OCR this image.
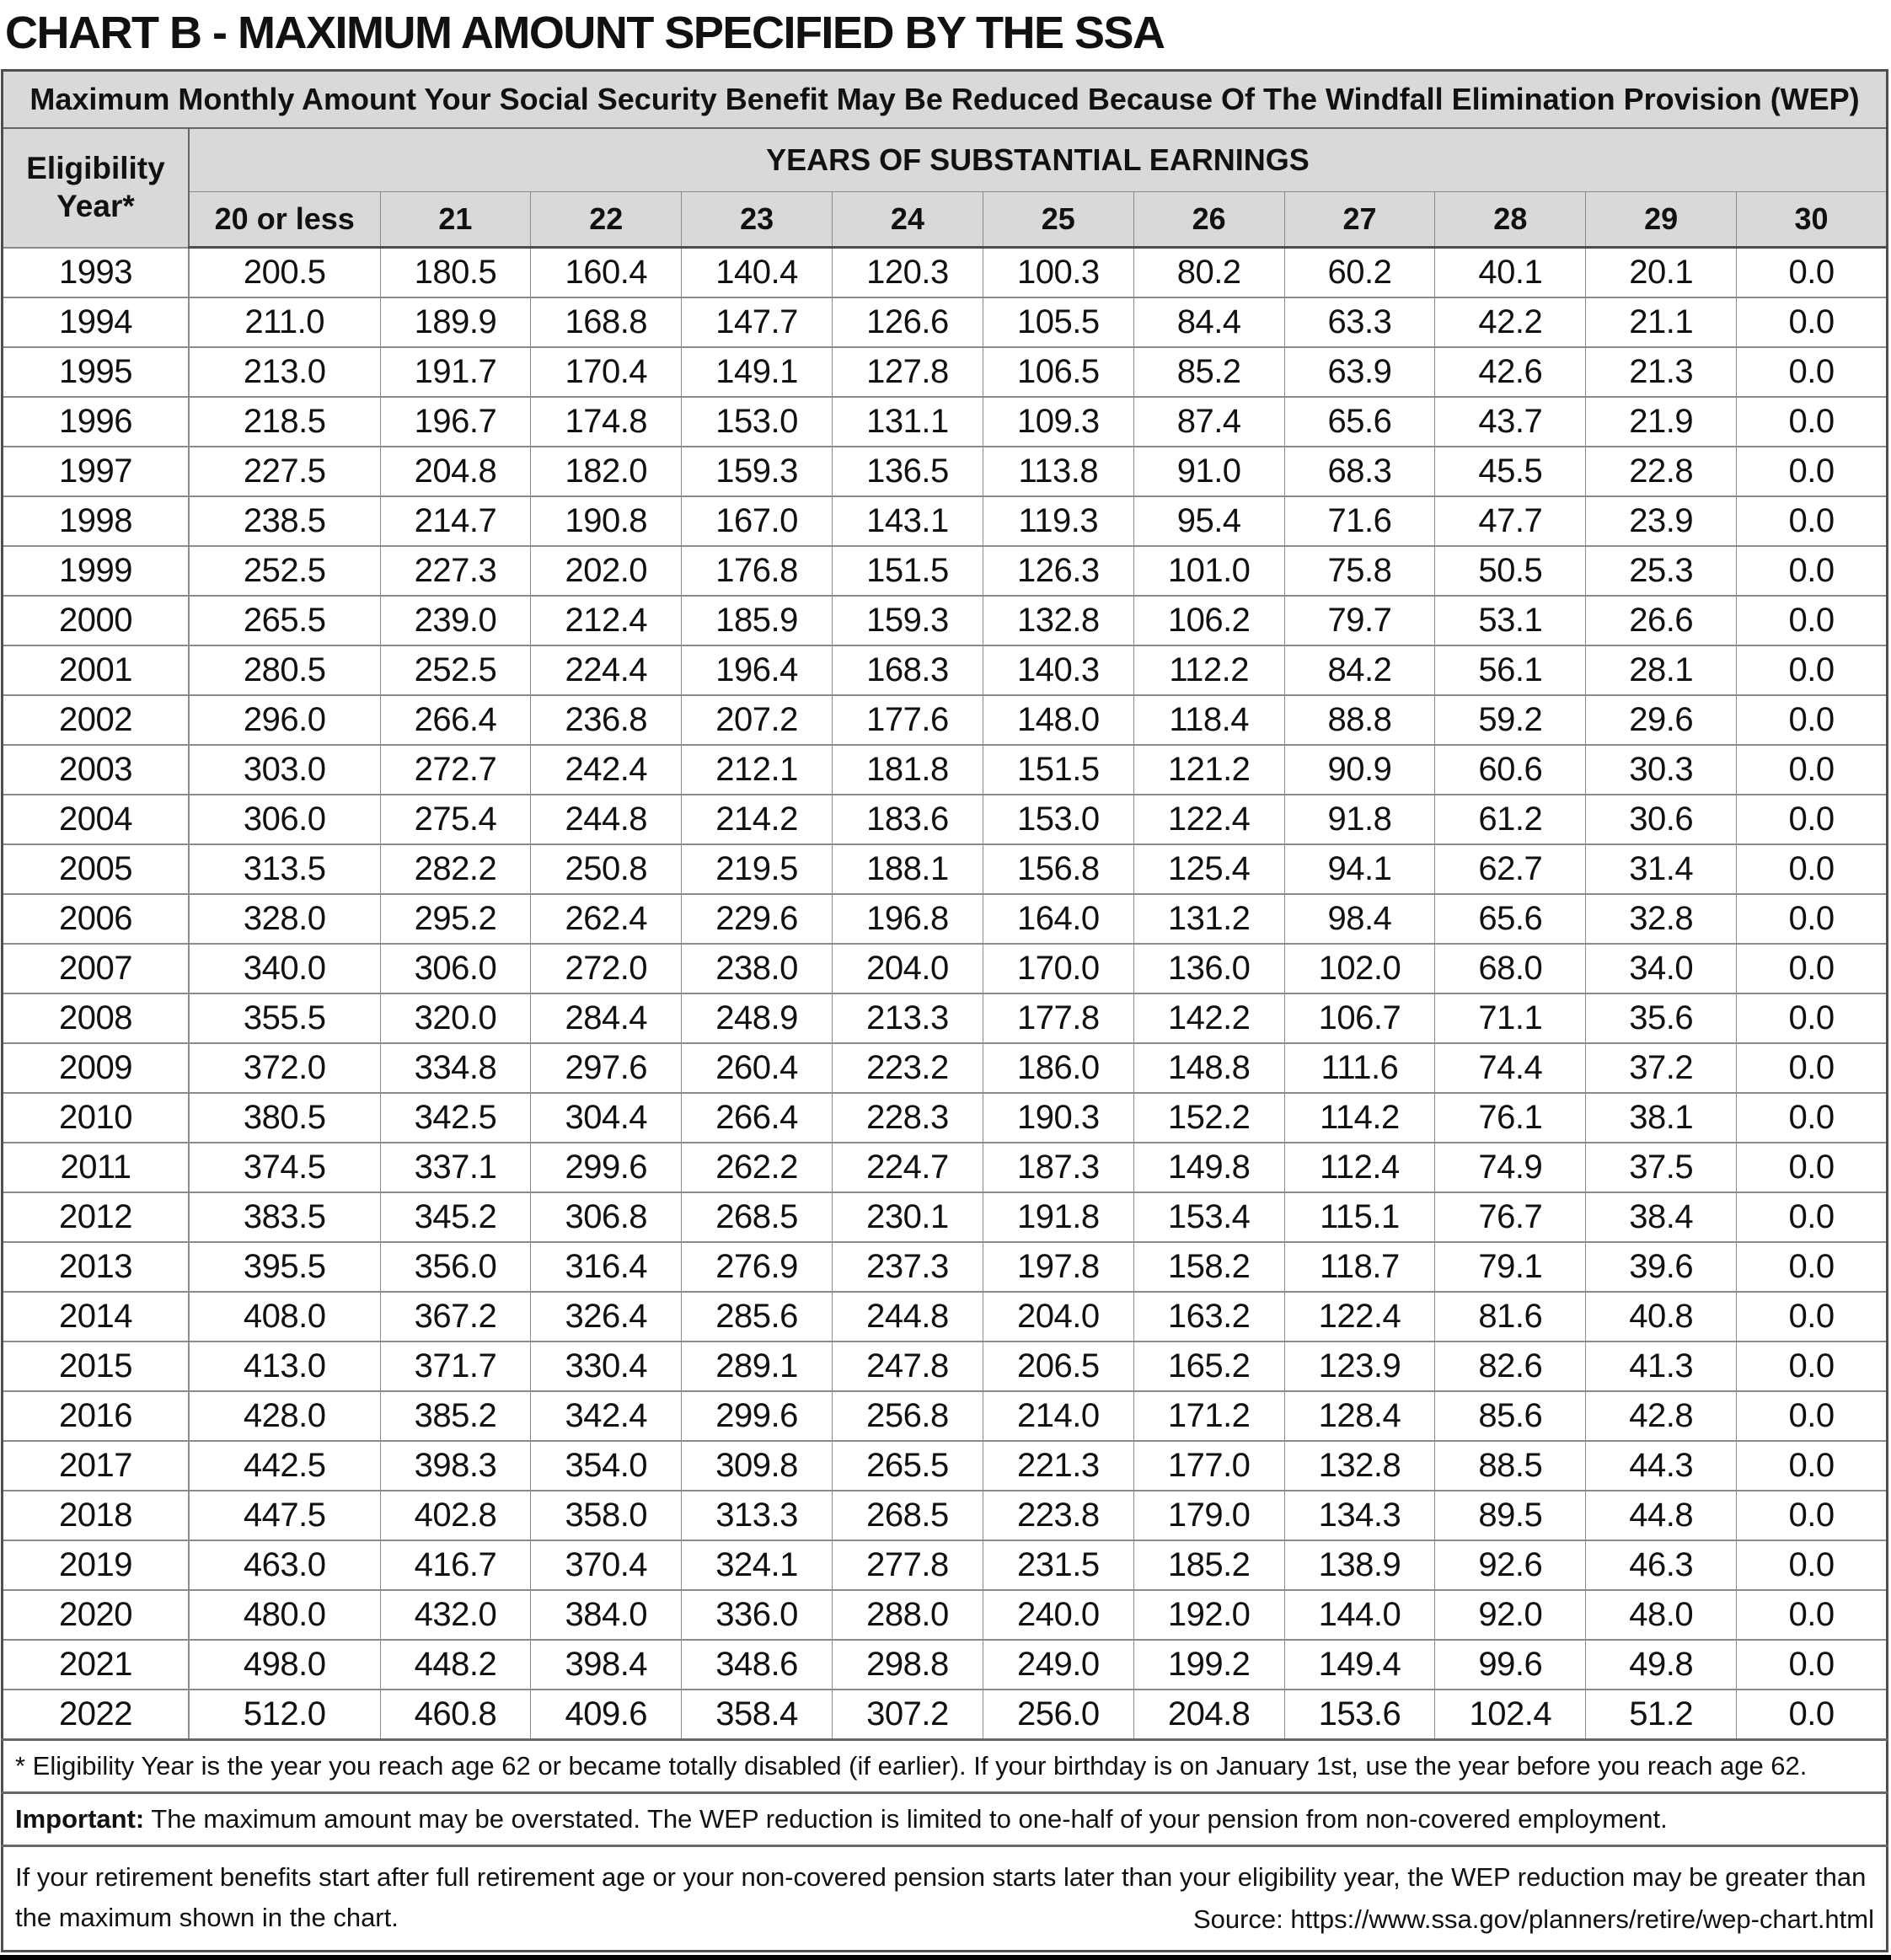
CHART B - MAXIMUM AMOUNT SPECIFIED BY THE SSA
Maximum Monthly Amount Your Social Security Benefit May Be Reduced Because Of The Windfall Elimination Provision (WEP)											
Eligibility Year*	YEARS OF SUBSTANTIAL EARNINGS										
	20 or less	21	22	23	24	25	26	27	28	29	30
1993	200.5	180.5	160.4	140.4	120.3	100.3	80.2	60.2	40.1	20.1	0.0
1994	211.0	189.9	168.8	147.7	126.6	105.5	84.4	63.3	42.2	21.1	0.0
1995	213.0	191.7	170.4	149.1	127.8	106.5	85.2	63.9	42.6	21.3	0.0
1996	218.5	196.7	174.8	153.0	131.1	109.3	87.4	65.6	43.7	21.9	0.0
1997	227.5	204.8	182.0	159.3	136.5	113.8	91.0	68.3	45.5	22.8	0.0
1998	238.5	214.7	190.8	167.0	143.1	119.3	95.4	71.6	47.7	23.9	0.0
1999	252.5	227.3	202.0	176.8	151.5	126.3	101.0	75.8	50.5	25.3	0.0
2000	265.5	239.0	212.4	185.9	159.3	132.8	106.2	79.7	53.1	26.6	0.0
2001	280.5	252.5	224.4	196.4	168.3	140.3	112.2	84.2	56.1	28.1	0.0
2002	296.0	266.4	236.8	207.2	177.6	148.0	118.4	88.8	59.2	29.6	0.0
2003	303.0	272.7	242.4	212.1	181.8	151.5	121.2	90.9	60.6	30.3	0.0
2004	306.0	275.4	244.8	214.2	183.6	153.0	122.4	91.8	61.2	30.6	0.0
2005	313.5	282.2	250.8	219.5	188.1	156.8	125.4	94.1	62.7	31.4	0.0
2006	328.0	295.2	262.4	229.6	196.8	164.0	131.2	98.4	65.6	32.8	0.0
2007	340.0	306.0	272.0	238.0	204.0	170.0	136.0	102.0	68.0	34.0	0.0
2008	355.5	320.0	284.4	248.9	213.3	177.8	142.2	106.7	71.1	35.6	0.0
2009	372.0	334.8	297.6	260.4	223.2	186.0	148.8	111.6	74.4	37.2	0.0
2010	380.5	342.5	304.4	266.4	228.3	190.3	152.2	114.2	76.1	38.1	0.0
2011	374.5	337.1	299.6	262.2	224.7	187.3	149.8	112.4	74.9	37.5	0.0
2012	383.5	345.2	306.8	268.5	230.1	191.8	153.4	115.1	76.7	38.4	0.0
2013	395.5	356.0	316.4	276.9	237.3	197.8	158.2	118.7	79.1	39.6	0.0
2014	408.0	367.2	326.4	285.6	244.8	204.0	163.2	122.4	81.6	40.8	0.0
2015	413.0	371.7	330.4	289.1	247.8	206.5	165.2	123.9	82.6	41.3	0.0
2016	428.0	385.2	342.4	299.6	256.8	214.0	171.2	128.4	85.6	42.8	0.0
2017	442.5	398.3	354.0	309.8	265.5	221.3	177.0	132.8	88.5	44.3	0.0
2018	447.5	402.8	358.0	313.3	268.5	223.8	179.0	134.3	89.5	44.8	0.0
2019	463.0	416.7	370.4	324.1	277.8	231.5	185.2	138.9	92.6	46.3	0.0
2020	480.0	432.0	384.0	336.0	288.0	240.0	192.0	144.0	92.0	48.0	0.0
2021	498.0	448.2	398.4	348.6	298.8	249.0	199.2	149.4	99.6	49.8	0.0
2022	512.0	460.8	409.6	358.4	307.2	256.0	204.8	153.6	102.4	51.2	0.0
* Eligibility Year is the year you reach age 62 or became totally disabled (if earlier). If your birthday is on January 1st, use the year before you reach age 62.											
Important: The maximum amount may be overstated. The WEP reduction is limited to one-half of your pension from non-covered employment.											
If your retirement benefits start after full retirement age or your non-covered pension starts later than your eligibility year, the WEP reduction may be greater than the maximum shown in the chart. Source: https://www.ssa.gov/planners/retire/wep-chart.html											
